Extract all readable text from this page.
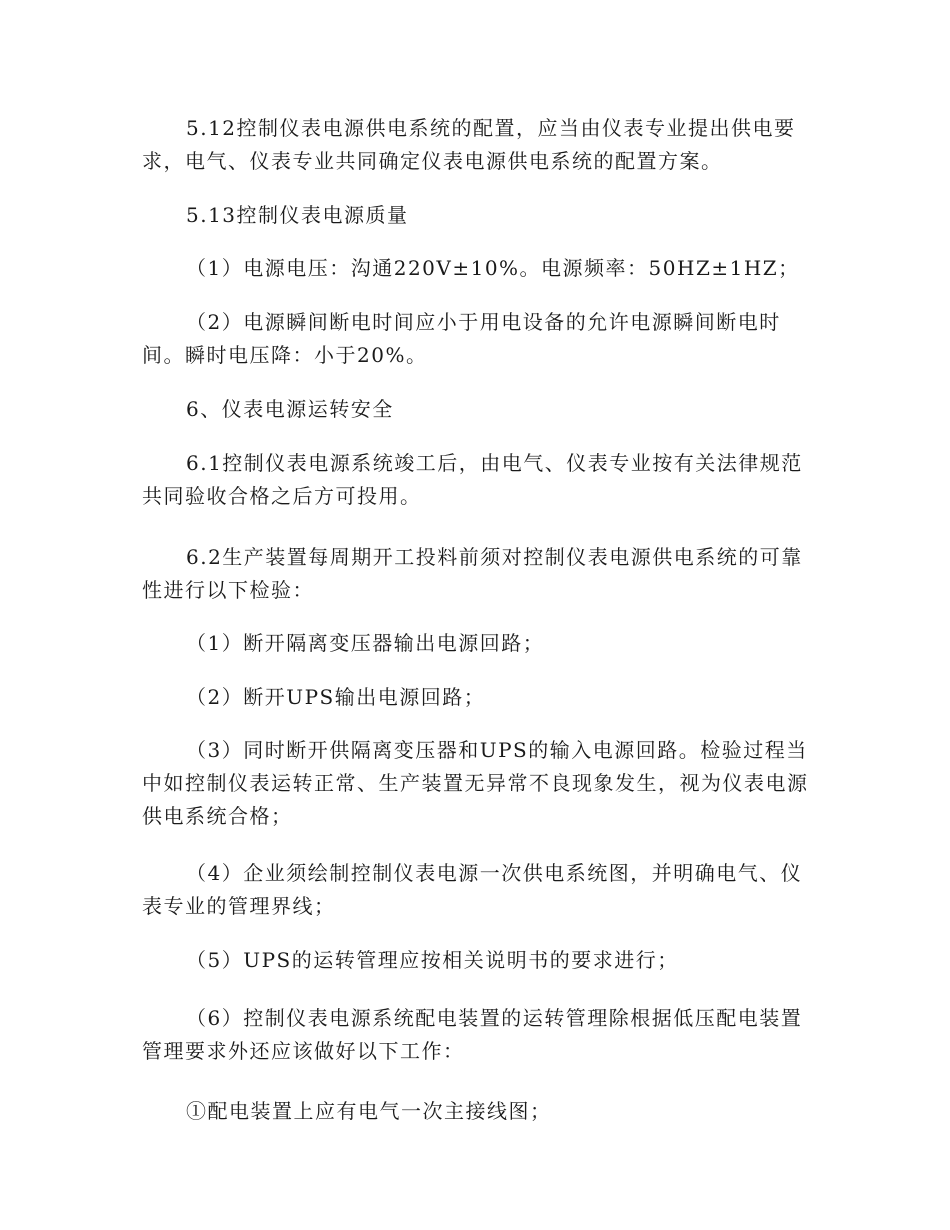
5.12控制仪表电源供电系统的配置，应当由仪表专业提出供电要求，电气、仪表专业共同确定仪表电源供电系统的配置方案。

5.13控制仪表电源质量

（1）电源电压：沟通220V±10%。电源频率：50HZ±1HZ；

（2）电源瞬间断电时间应小于用电设备的允许电源瞬间断电时间。瞬时电压降：小于20%。

6、仪表电源运转安全

6.1控制仪表电源系统竣工后，由电气、仪表专业按有关法律规范共同验收合格之后方可投用。

6.2生产装置每周期开工投料前须对控制仪表电源供电系统的可靠性进行以下检验：

（1）断开隔离变压器输出电源回路；

（2）断开UPS输出电源回路；

（3）同时断开供隔离变压器和UPS的输入电源回路。检验过程当中如控制仪表运转正常、生产装置无异常不良现象发生，视为仪表电源供电系统合格；

（4）企业须绘制控制仪表电源一次供电系统图，并明确电气、仪表专业的管理界线；

（5）UPS的运转管理应按相关说明书的要求进行；

（6）控制仪表电源系统配电装置的运转管理除根据低压配电装置管理要求外还应该做好以下工作：

①配电装置上应有电气一次主接线图；
